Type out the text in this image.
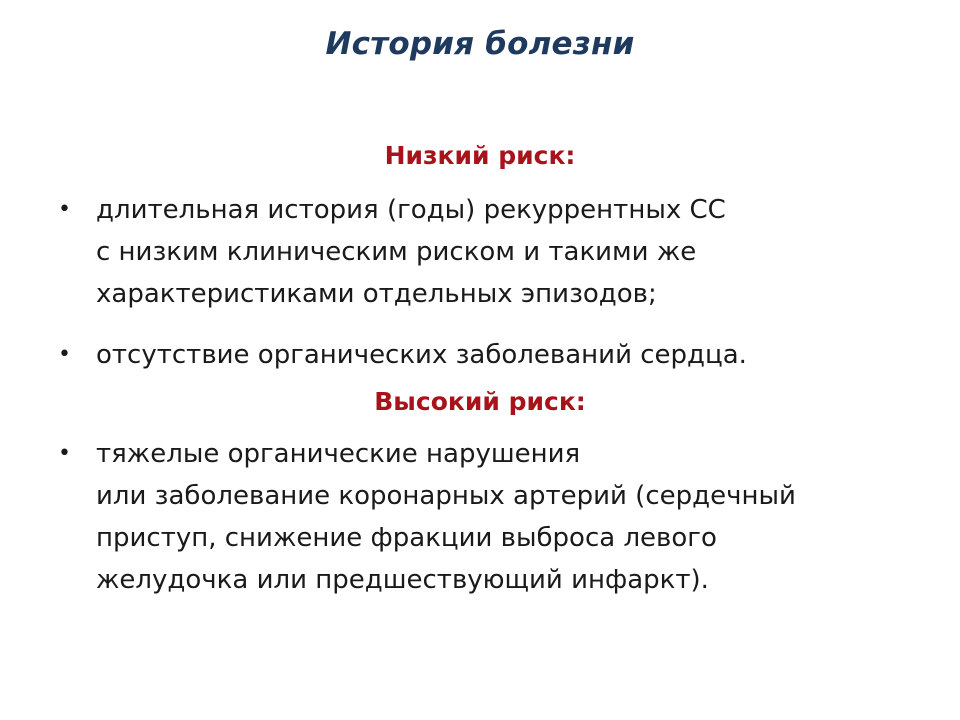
История болезни
Низкий риск:
• длительная история (годы) рекуррентных СС
с низким клиническим риском и такими же
характеристиками отдельных эпизодов;
• отсутствие органических заболеваний сердца.
Высокий риск:
• тяжелые органические нарушения
или заболевание коронарных артерий (сердечный
приступ, снижение фракции выброса левого
желудочка или предшествующий инфаркт).
